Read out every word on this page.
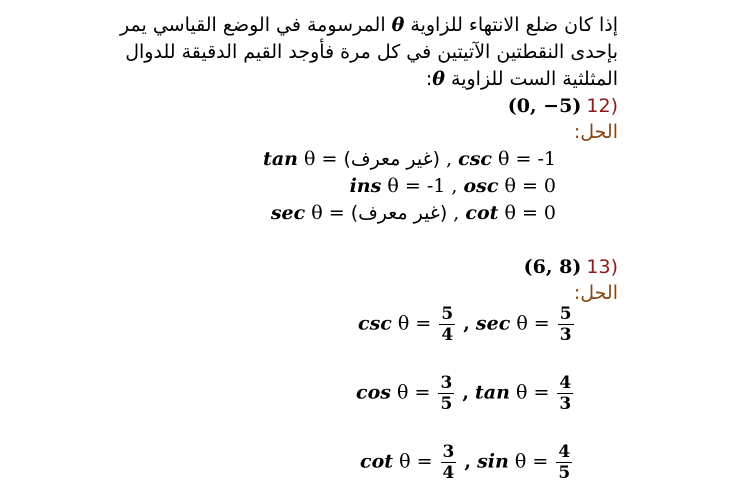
إذا كان ضلع الانتهاء للزاوية θ المرسومة في الوضع القياسي يمر بإحدى النقطتين الآتيتين في كل مرة فأوجد القيم الدقيقة للدوال المثلثية الست للزاوية θ:
(0, −5) 12)
الحل:
tan θ = (غير معرف) , csc θ = -1
ins θ = -1 , osc θ = 0
sec θ = (غير معرف) , cot θ = 0
(6, 8) 13)
الحل:
$\csc \theta = \frac{5}{4}$ , $\sec \theta = \frac{5}{3}$
$\cos \theta = \frac{3}{5}$ , $\tan \theta = \frac{4}{3}$
$\cot \theta = \frac{3}{4}$ , $\sin \theta = \frac{4}{5}$
